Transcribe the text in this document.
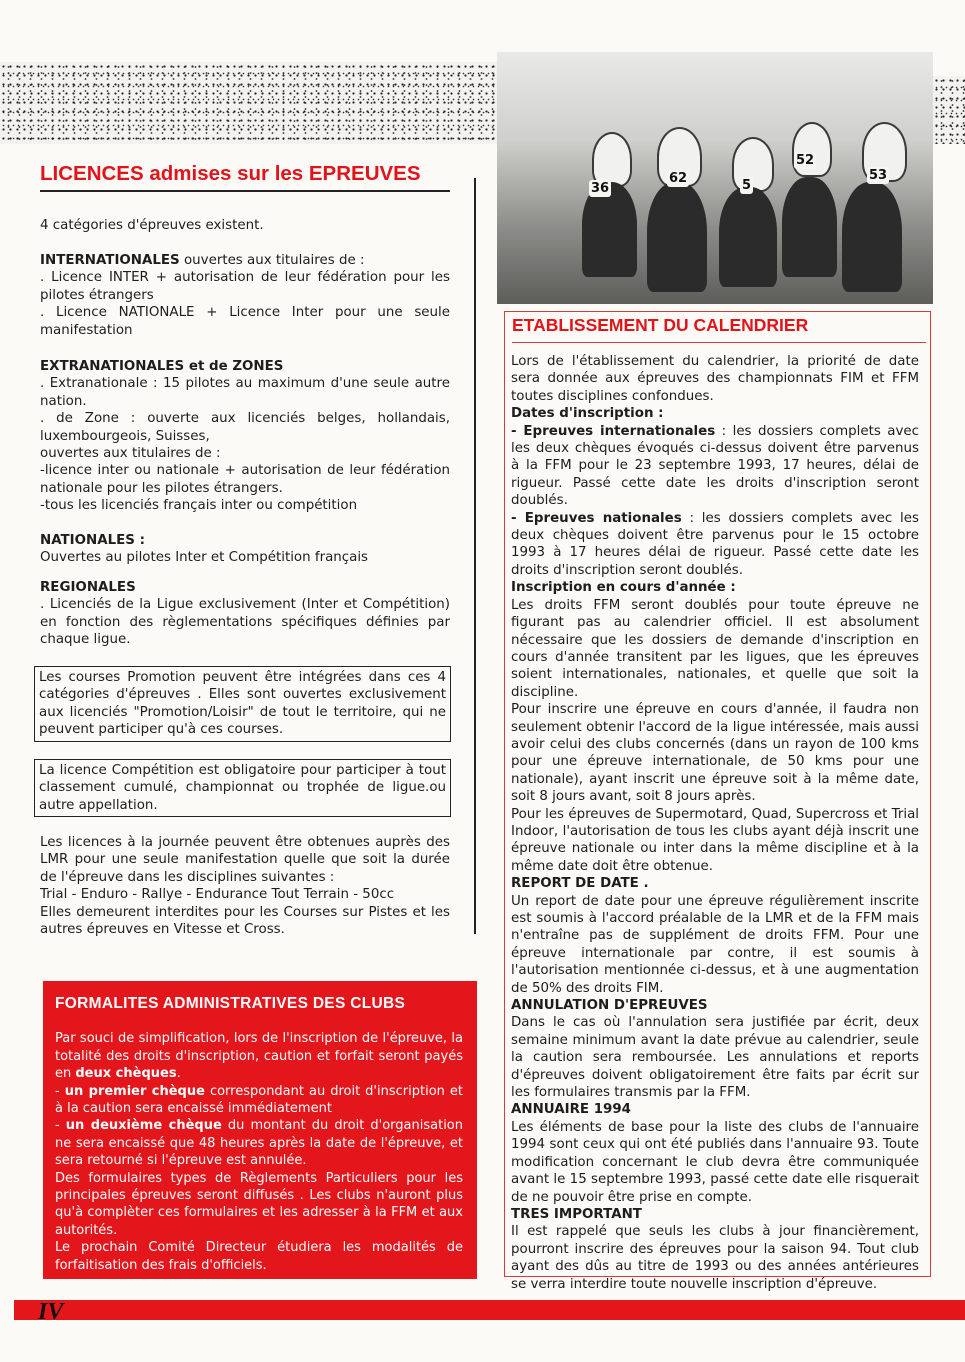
36
62	5
52
53
LICENCES admises sur les EPREUVES

4 catégories d'épreuves existent.

INTERNATIONALES ouvertes aux titulaires de :
. Licence INTER + autorisation de leur fédération pour les pilotes étrangers
. Licence NATIONALE + Licence Inter pour une seule manifestation
EXTRANATIONALES et de ZONES
. Extranationale : 15 pilotes au maximum d'une seule autre nation.
. de Zone : ouverte aux licenciés belges, hollandais, luxembourgeois, Suisses,
ouvertes aux titulaires de :
-licence inter ou nationale + autorisation de leur fédération nationale pour les pilotes étrangers.
-tous les licenciés français inter ou compétition
NATIONALES :
Ouvertes au pilotes Inter et Compétition français
REGIONALES
. Licenciés de la Ligue exclusivement (Inter et Compétition) en fonction des règlementations spécifiques définies par chaque ligue.
Les courses Promotion peuvent être intégrées dans ces 4 catégories d'épreuves . Elles sont ouvertes exclusivement aux licenciés "Promotion/Loisir" de tout le territoire, qui ne peuvent participer qu'à ces courses.
La licence Compétition est obligatoire pour participer à tout classement cumulé, championnat ou trophée de ligue.ou autre appellation.
Les licences à la journée peuvent être obtenues auprès des LMR pour une seule manifestation quelle que soit la durée de l'épreuve dans les disciplines suivantes :
Trial - Enduro - Rallye - Endurance Tout Terrain - 50cc
Elles demeurent interdites pour les Courses sur Pistes et les autres épreuves en Vitesse et Cross.
FORMALITES ADMINISTRATIVES DES CLUBS
Par souci de simplification, lors de l'inscription de l'épreuve, la totalité des droits d'inscription, caution et forfait seront payés en deux chèques.
- un premier chèque correspondant au droit d'inscription et à la caution sera encaissé immédiatement
- un deuxième chèque du montant du droit d'organisation ne sera encaissé que 48 heures après la date de l'épreuve, et sera retourné si l'épreuve est annulée.
Des formulaires types de Règlements Particuliers pour les principales épreuves seront diffusés . Les clubs n'auront plus qu'à complèter ces formulaires et les adresser à la FFM et aux autorités.
Le prochain Comité Directeur étudiera les modalités de forfaitisation des frais d'officiels.
ETABLISSEMENT DU CALENDRIER
Lors de l'établissement du calendrier, la priorité de date sera donnée aux épreuves des championnats FIM et FFM toutes disciplines confondues.
Dates d'inscription :
- Epreuves internationales : les dossiers complets avec les deux chèques évoqués ci-dessus doivent être parvenus à la FFM pour le 23 septembre 1993, 17 heures, délai de rigueur. Passé cette date les droits d'inscription seront doublés.
- Epreuves nationales : les dossiers complets avec les deux chèques doivent être parvenus pour le 15 octobre 1993 à 17 heures délai de rigueur. Passé cette date les droits d'inscription seront doublés.
Inscription en cours d'année :
Les droits FFM seront doublés pour toute épreuve ne figurant pas au calendrier officiel. Il est absolument nécessaire que les dossiers de demande d'inscription en cours d'année transitent par les ligues, que les épreuves soient internationales, nationales, et quelle que soit la discipline.
Pour inscrire une épreuve en cours d'année, il faudra non seulement obtenir l'accord de la ligue intéressée, mais aussi avoir celui des clubs concernés (dans un rayon de 100 kms pour une épreuve internationale, de 50 kms pour une nationale), ayant inscrit une épreuve soit à la même date, soit 8 jours avant, soit 8 jours après.
Pour les épreuves de Supermotard, Quad, Supercross et Trial Indoor, l'autorisation de tous les clubs ayant déjà inscrit une épreuve nationale ou inter dans la même discipline et à la même date doit être obtenue.
REPORT DE DATE .
Un report de date pour une épreuve régulièrement inscrite est soumis à l'accord préalable de la LMR et de la FFM mais n'entraîne pas de supplément de droits FFM. Pour une épreuve internationale par contre, il est soumis à l'autorisation mentionnée ci-dessus, et à une augmentation de 50% des droits FIM.
ANNULATION D'EPREUVES
Dans le cas où l'annulation sera justifiée par écrit, deux semaine minimum avant la date prévue au calendrier, seule la caution sera remboursée. Les annulations et reports d'épreuves doivent obligatoirement être faits par écrit sur les formulaires transmis par la FFM.
ANNUAIRE 1994
Les éléments de base pour la liste des clubs de l'annuaire 1994 sont ceux qui ont été publiés dans l'annuaire 93. Toute modification concernant le club devra être communiquée avant le 15 septembre 1993, passé cette date elle risquerait de ne pouvoir être prise en compte.
TRES IMPORTANT
Il est rappelé que seuls les clubs à jour financièrement, pourront inscrire des épreuves pour la saison 94. Tout club ayant des dûs au titre de 1993 ou des années antérieures se verra interdire toute nouvelle inscription d'épreuve.
IV
